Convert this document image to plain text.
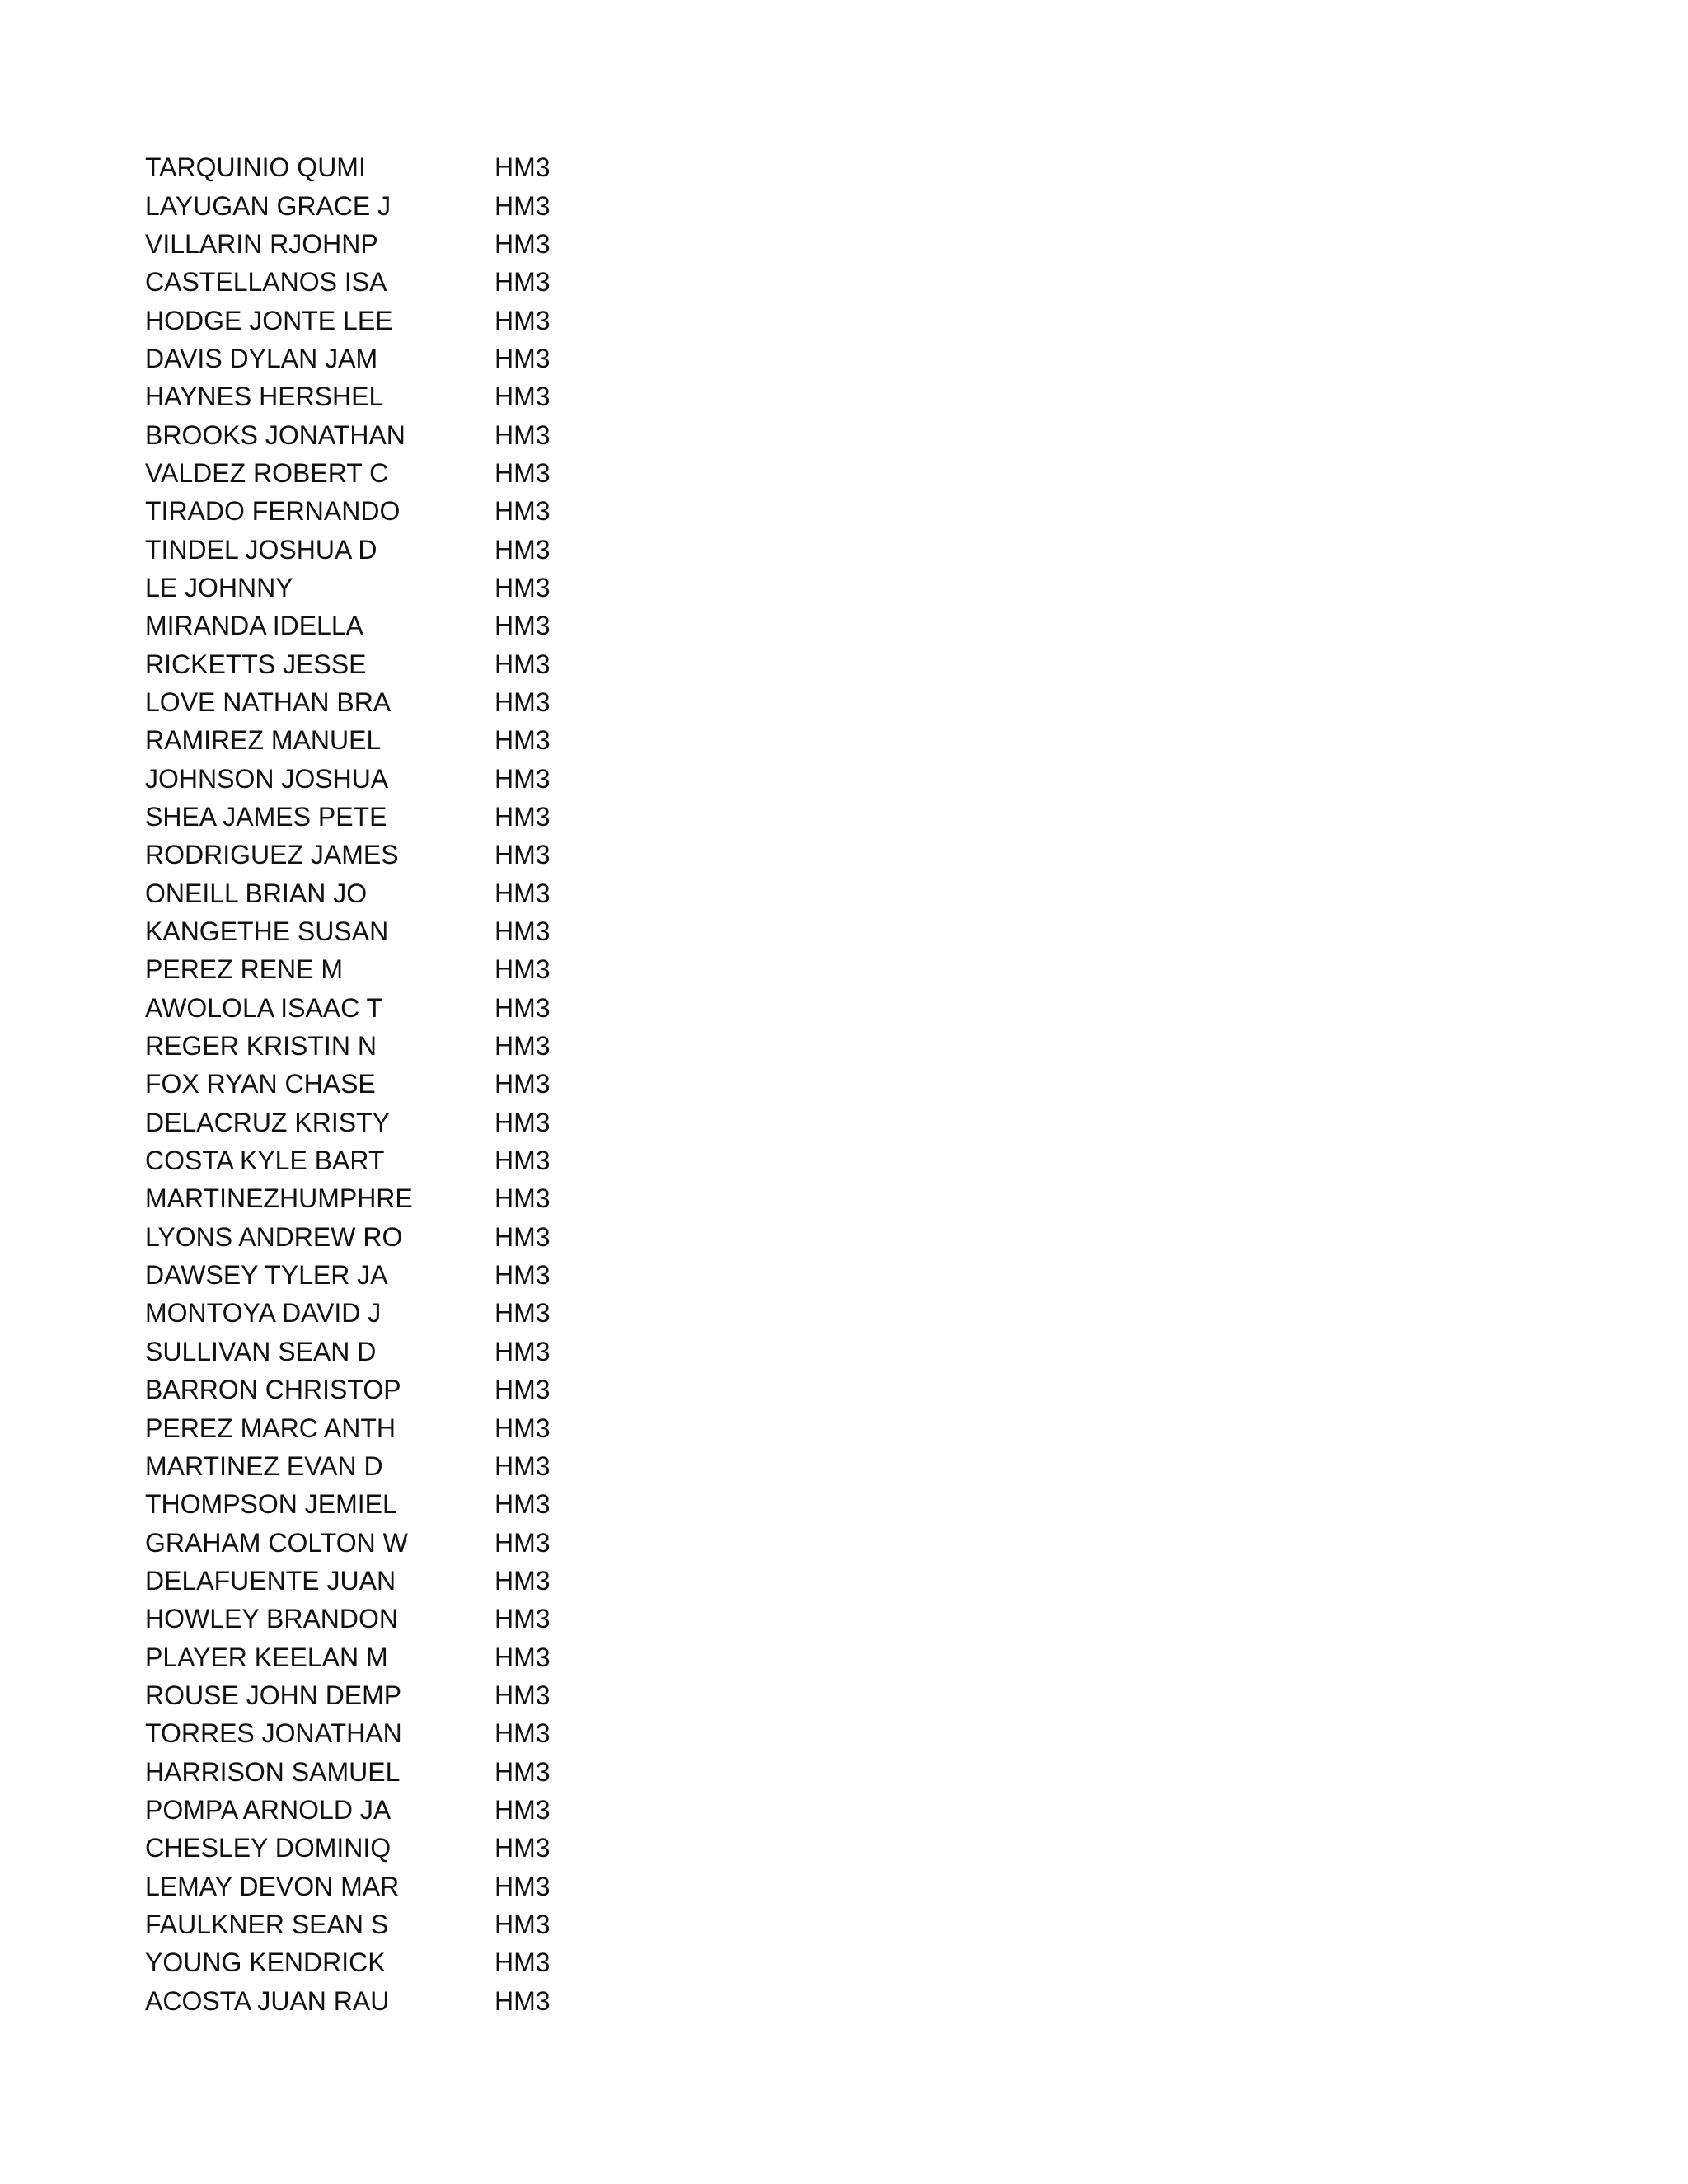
TARQUINIO QUMI	HM3
LAYUGAN GRACE J	HM3
VILLARIN RJOHNP	HM3
CASTELLANOS ISA	HM3
HODGE JONTE LEE	HM3
DAVIS DYLAN JAM	HM3
HAYNES HERSHEL	HM3
BROOKS JONATHAN	HM3
VALDEZ ROBERT C	HM3
TIRADO FERNANDO	HM3
TINDEL JOSHUA D	HM3
LE JOHNNY	HM3
MIRANDA IDELLA	HM3
RICKETTS JESSE	HM3
LOVE NATHAN BRA	HM3
RAMIREZ MANUEL	HM3
JOHNSON JOSHUA	HM3
SHEA JAMES PETE	HM3
RODRIGUEZ JAMES	HM3
ONEILL BRIAN JO	HM3
KANGETHE SUSAN	HM3
PEREZ RENE M	HM3
AWOLOLA ISAAC T	HM3
REGER KRISTIN N	HM3
FOX RYAN CHASE	HM3
DELACRUZ KRISTY	HM3
COSTA KYLE BART	HM3
MARTINEZHUMPHRE	HM3
LYONS ANDREW RO	HM3
DAWSEY TYLER JA	HM3
MONTOYA DAVID J	HM3
SULLIVAN SEAN D	HM3
BARRON CHRISTOP	HM3
PEREZ MARC ANTH	HM3
MARTINEZ EVAN D	HM3
THOMPSON JEMIEL	HM3
GRAHAM COLTON W	HM3
DELAFUENTE JUAN	HM3
HOWLEY BRANDON	HM3
PLAYER KEELAN M	HM3
ROUSE JOHN DEMP	HM3
TORRES JONATHAN	HM3
HARRISON SAMUEL	HM3
POMPA ARNOLD JA	HM3
CHESLEY DOMINIQ	HM3
LEMAY DEVON MAR	HM3
FAULKNER SEAN S	HM3
YOUNG KENDRICK	HM3
ACOSTA JUAN RAU	HM3
